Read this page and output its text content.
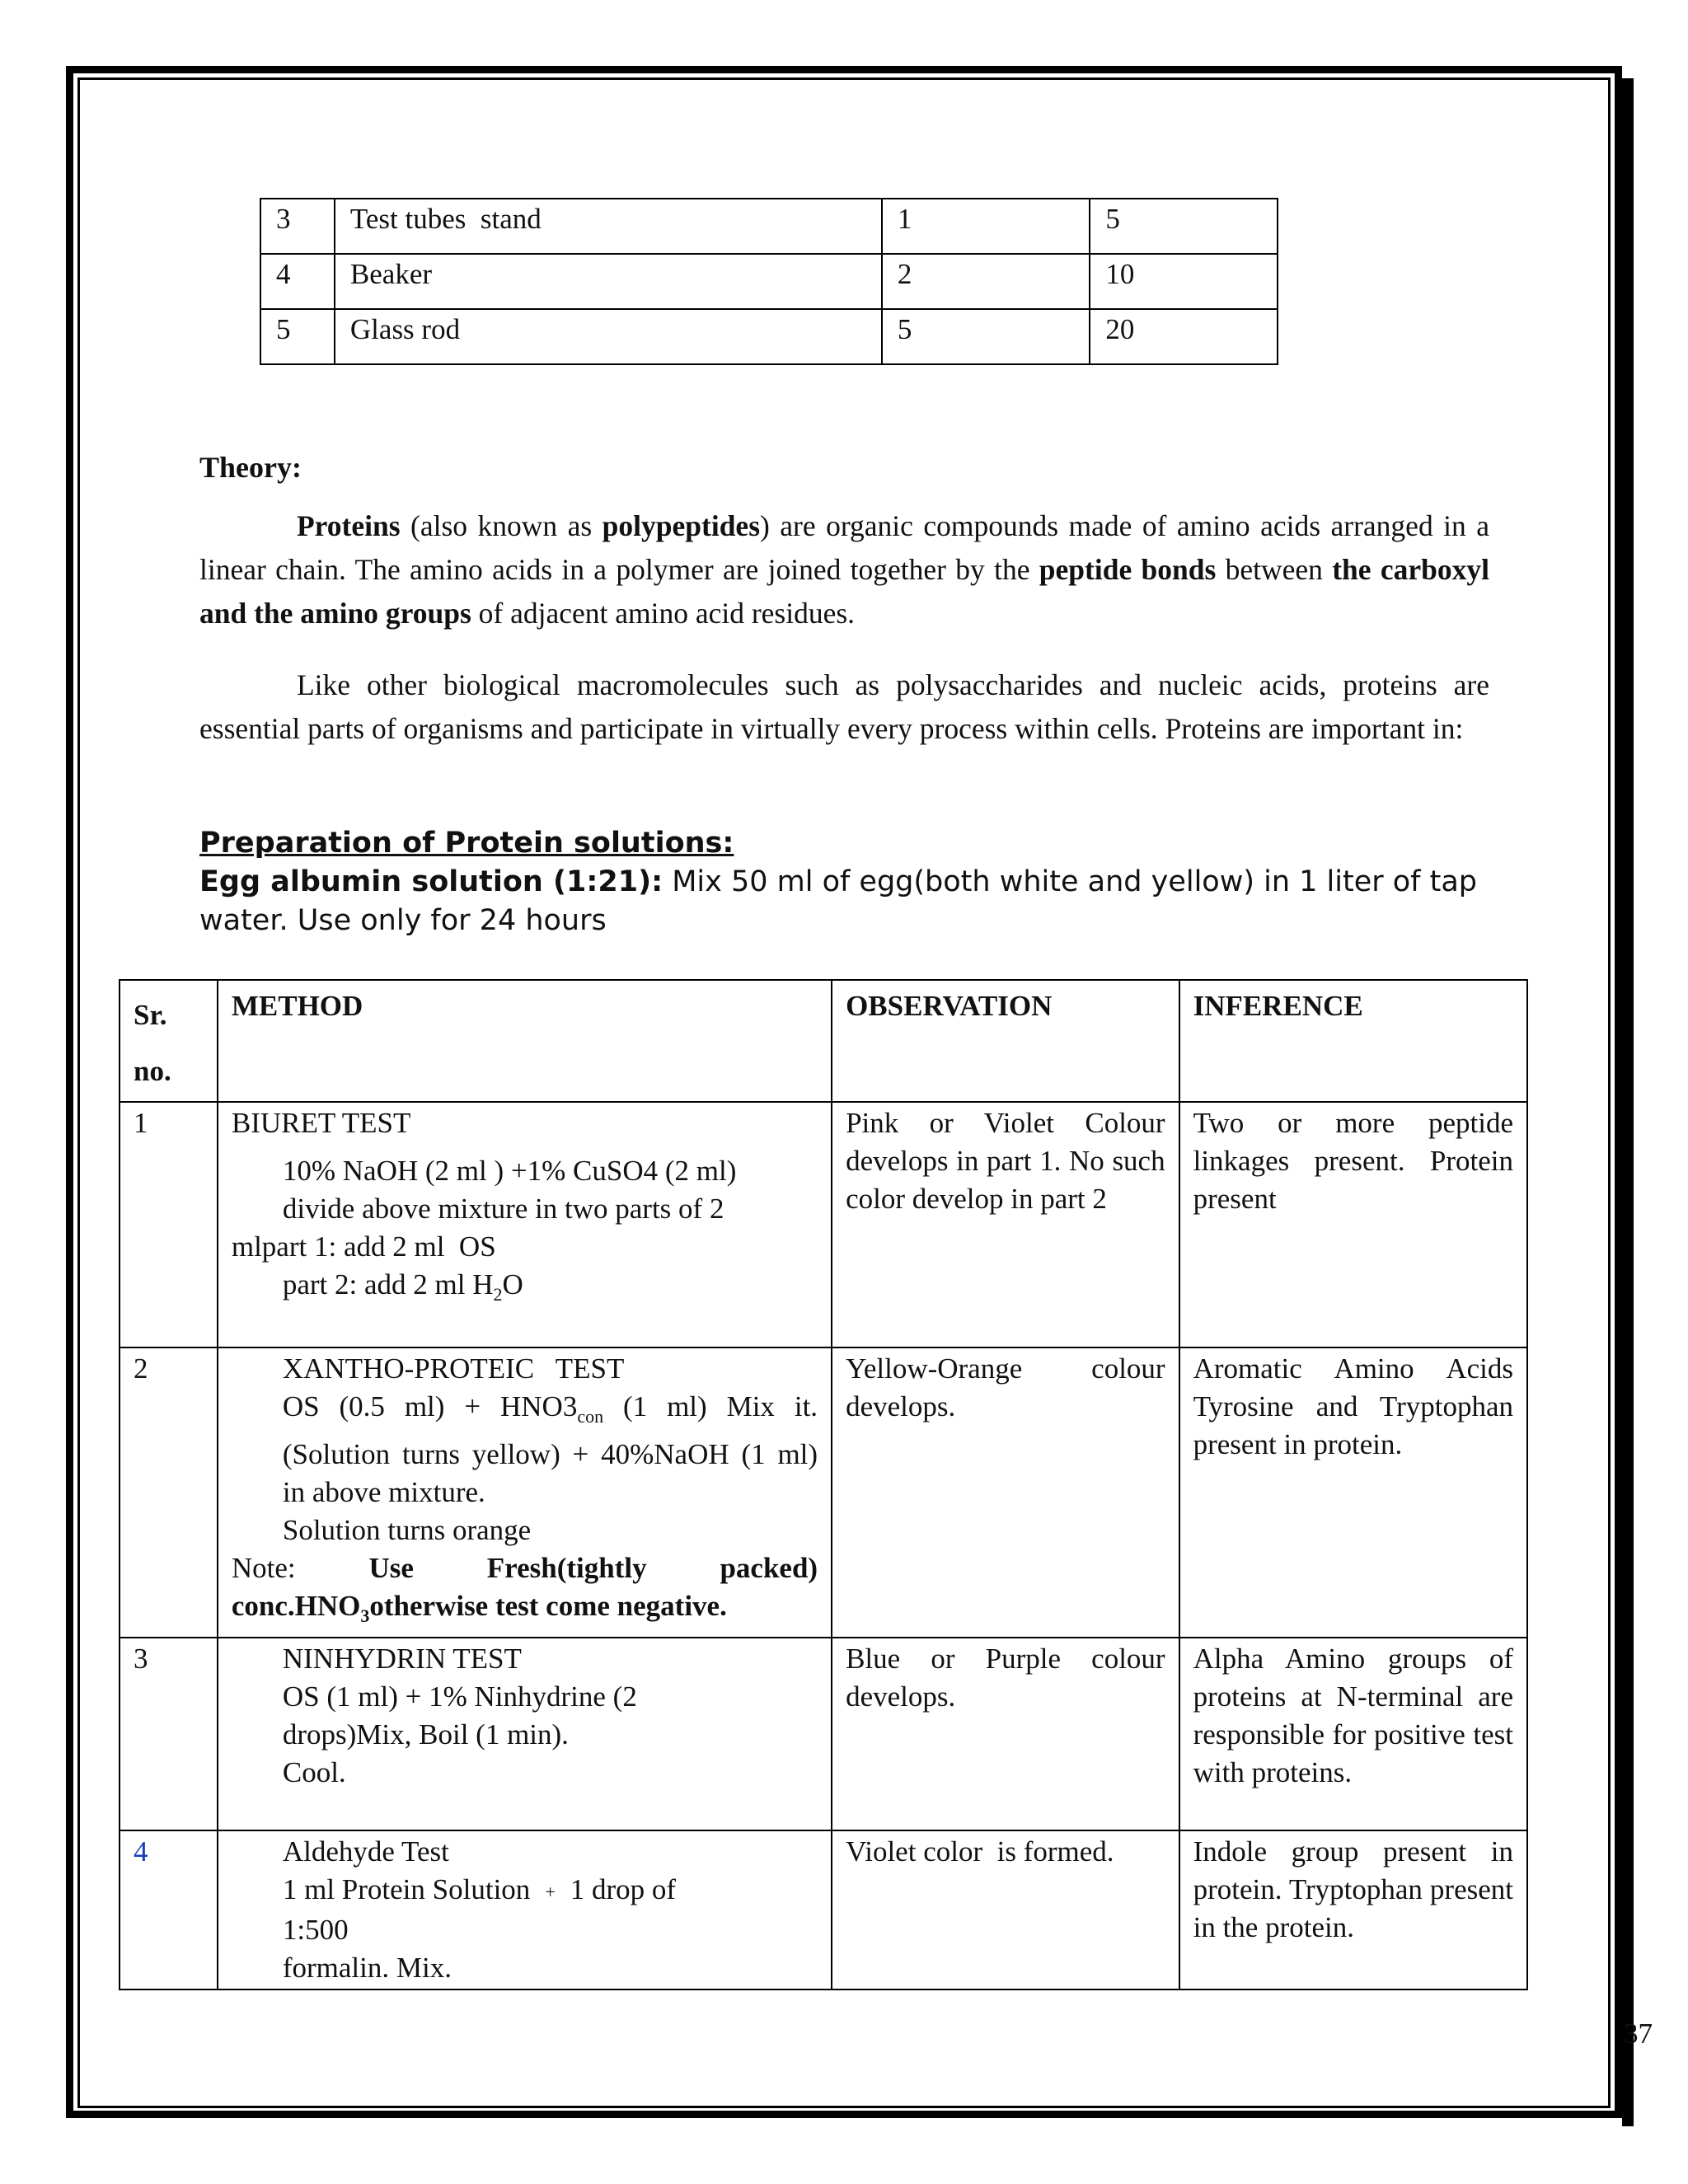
3	Test tubes  stand	1	5
4	Beaker	2	10
5	Glass rod	5	20
Theory:

Proteins (also known as polypeptides) are organic compounds made of amino acids arranged in a linear chain. The amino acids in a polymer are joined together by the peptide bonds between the carboxyl and the amino groups of adjacent amino acid residues.

Like other biological macromolecules such as polysaccharides and nucleic acids, proteins are essential parts of organisms and participate in virtually every process within cells. Proteins are important in:

Preparation of Protein solutions:
Egg albumin solution (1:21): Mix 50 ml of egg(both white and yellow) in 1 liter of tap water. Use only for 24 hours
Sr.
no.	METHOD	OBSERVATION	INFERENCE
1	BIURET TEST
10% NaOH (2 ml ) +1% CuSO4 (2 ml)
divide above mixture in two parts of 2
mlpart 1: add 2 ml  OS
part 2: add 2 ml $H_2O$	Pink or Violet Colour develops in part 1. No such color develop in part 2	Two or more peptide linkages present. Protein present
2	XANTHO-PROTEIC   TEST
OS (0.5 $ml) + HNO3_{con}$ (1 ml) Mix it. (Solution turns yellow) + 40%NaOH (1 ml)           in above mixture.
Solution turns orange
Note: Use Fresh(tightly packed) $conc.HNO_3otherwise$ test come negative.	Yellow-Orange colour develops.	Aromatic Amino Acids Tyrosine and Tryptophan present in protein.
3	NINHYDRIN TEST
OS (1 ml) + 1% Ninhydrine (2
drops)Mix, Boil (1 min).
Cool.	Blue or Purple colour develops.	Alpha Amino groups of proteins at N-terminal are responsible for positive test with proteins.
4	Aldehyde Test
1 ml Protein Solution + 1 drop of
1:500
formalin. Mix.	Violet color  is formed.	Indole group present in protein. Tryptophan present in the protein.
37
